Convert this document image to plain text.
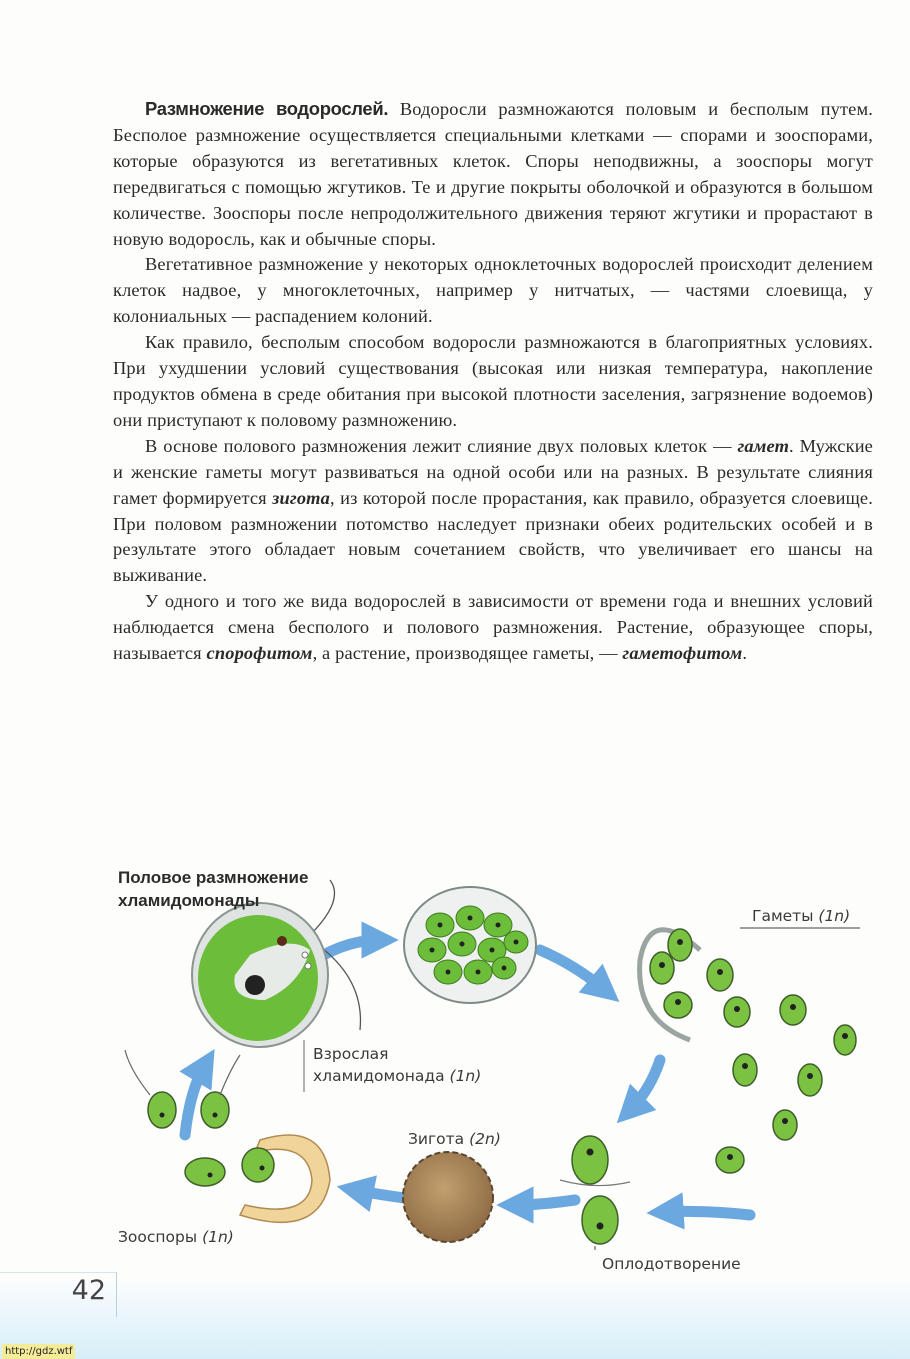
Размножение водорослей. Водоросли размножаются половым и бесполым путем. Бесполое размножение осуществляется специальными клетками — спорами и зооспорами, которые образуются из вегетативных клеток. Споры неподвижны, а зооспоры могут передвигаться с помощью жгутиков. Те и другие покрыты оболочкой и образуются в большом количестве. Зооспоры после непродолжительного движения теряют жгутики и прорастают в новую водоросль, как и обычные споры.

Вегетативное размножение у некоторых одноклеточных водорослей происходит делением клеток надвое, у многоклеточных, например у нитчатых, — частями слоевища, у колониальных — распадением колоний.

Как правило, бесполым способом водоросли размножаются в благоприятных условиях. При ухудшении условий существования (высокая или низкая температура, накопление продуктов обмена в среде обитания при высокой плотности заселения, загрязнение водоемов) они приступают к половому размножению.

В основе полового размножения лежит слияние двух половых клеток — гамет. Мужские и женские гаметы могут развиваться на одной особи или на разных. В результате слияния гамет формируется зигота, из которой после прорастания, как правило, образуется слоевище. При половом размножении потомство наследует признаки обеих родительских особей и в результате этого обладает новым сочетанием свойств, что увеличивает его шансы на выживание.

У одного и того же вида водорослей в зависимости от времени года и внешних условий наблюдается смена бесполого и полового размножения. Растение, образующее споры, называется спорофитом, а растение, производящее гаметы, — гаметофитом.

Половое размножение хламидомонады
Взрослая
хламидомонада (1n)
Гаметы (1n)
Зигота (2n)
Зооспоры (1n)
Оплодотворение
42
http://gdz.wtf
